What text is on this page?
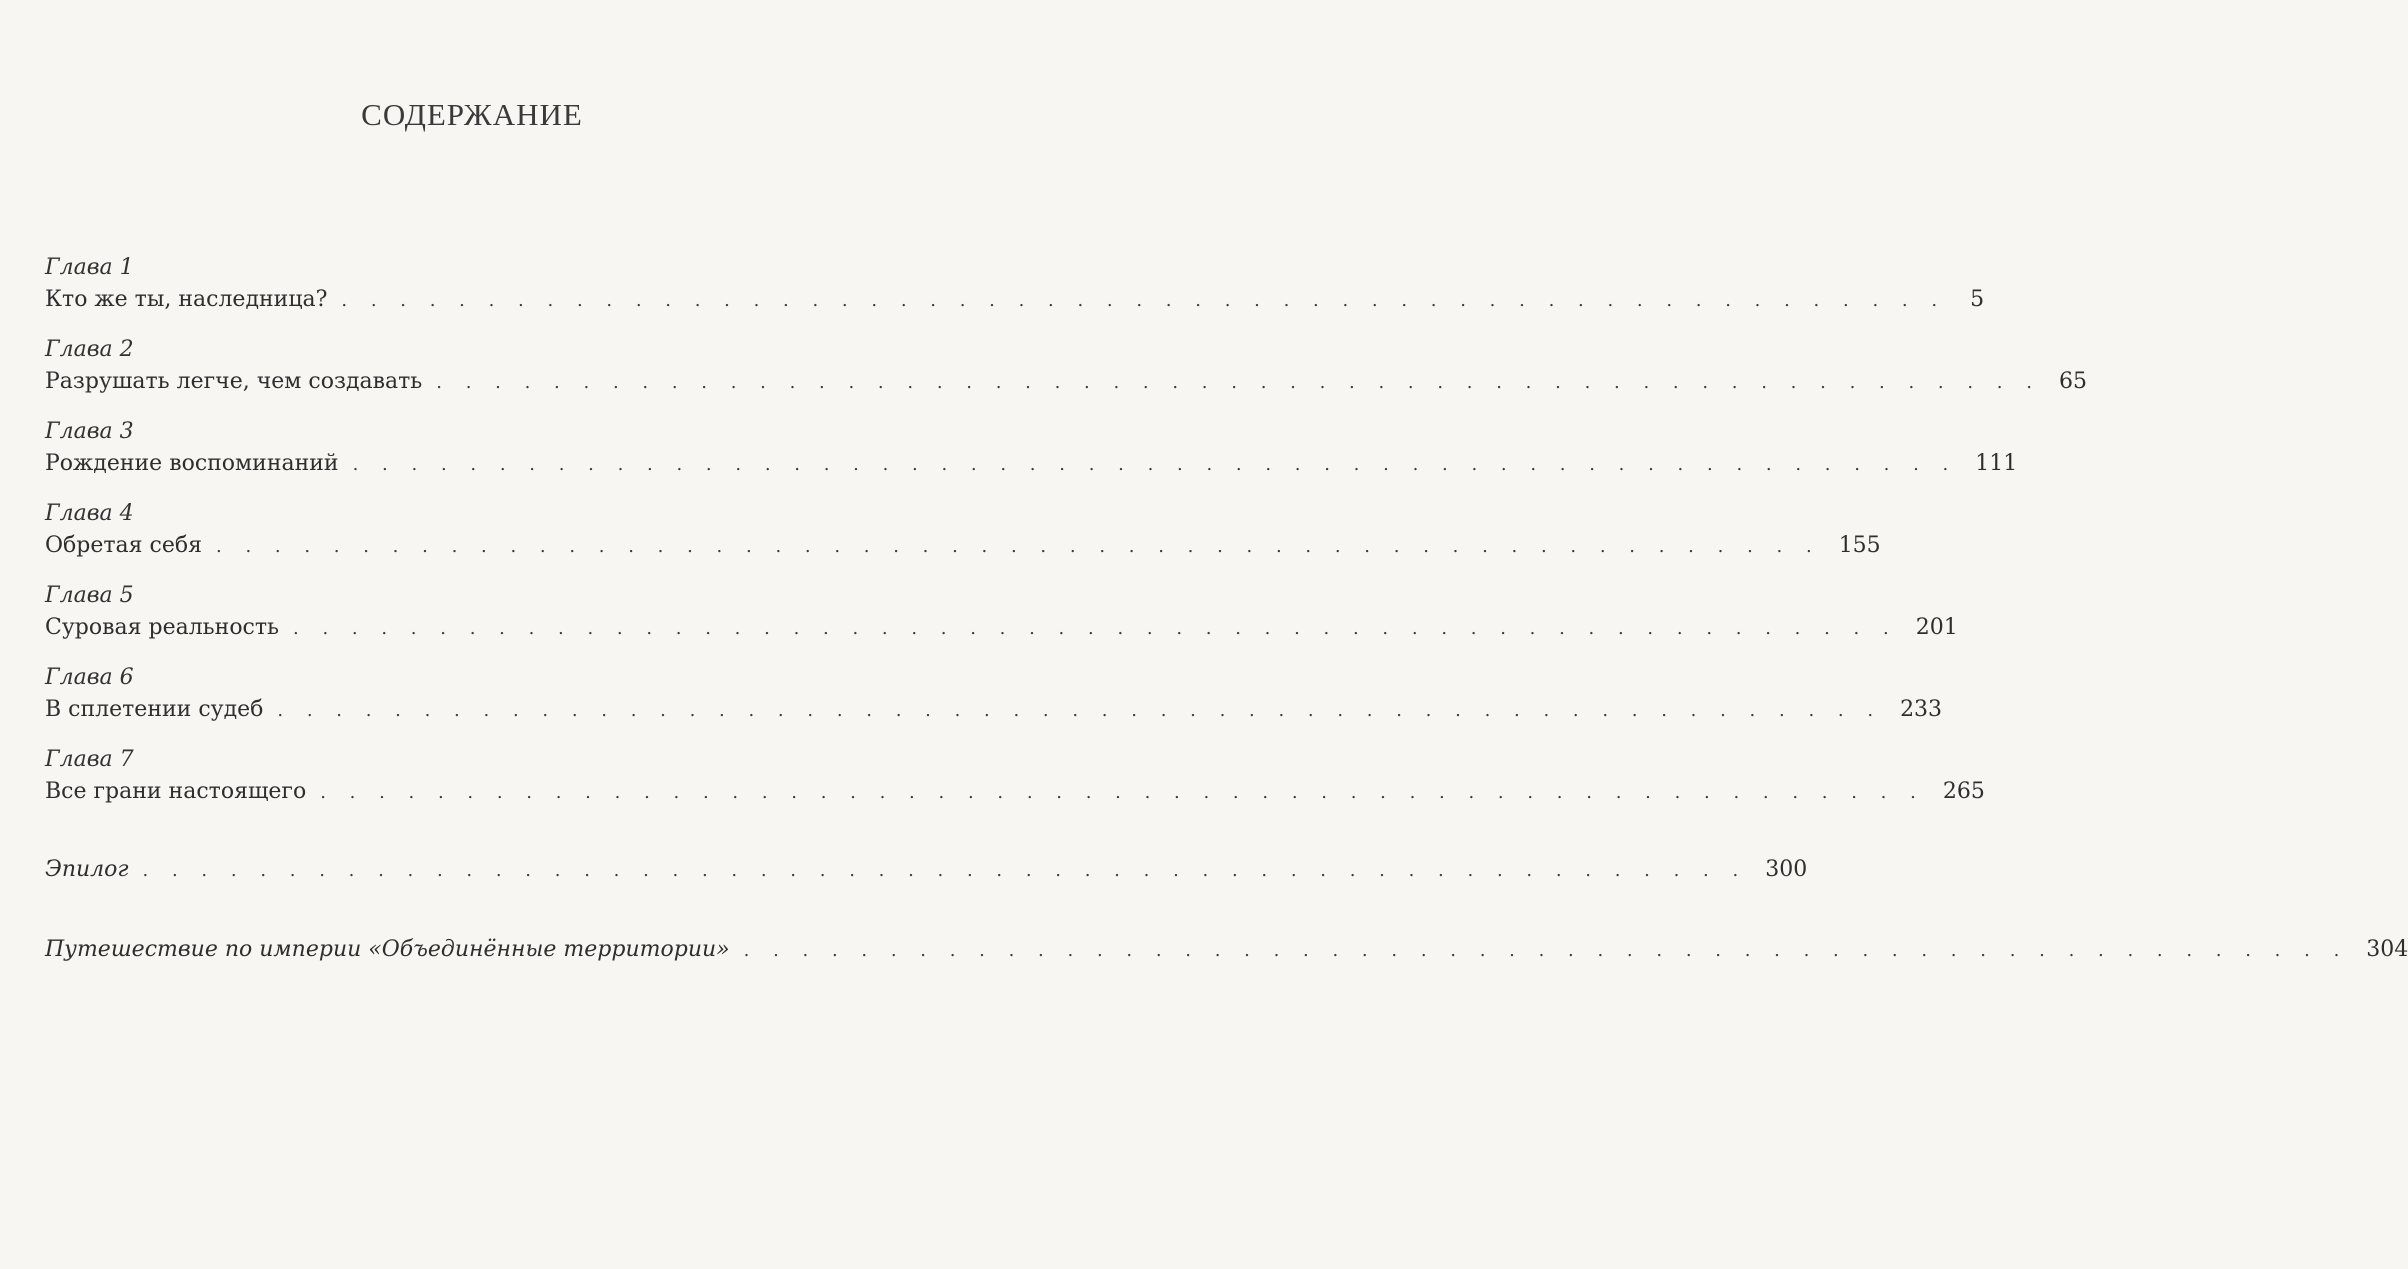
СОДЕРЖАНИЕ
Глава 1
Кто же ты, наследница? . . . . . . . . . . . . . . . . . . . . . . . . . . . . . . . . . . . . . . . . . . . . . . . . . . . . . . . 5
Глава 2
Разрушать легче, чем создавать . . . . . . . . . . . . . . . . . . . . . . . . . . . . . . . . . . . . . . . . . . . . . . . . . . . . . . . 65
Глава 3
Рождение воспоминаний . . . . . . . . . . . . . . . . . . . . . . . . . . . . . . . . . . . . . . . . . . . . . . . . . . . . . . . 111
Глава 4
Обретая себя . . . . . . . . . . . . . . . . . . . . . . . . . . . . . . . . . . . . . . . . . . . . . . . . . . . . . . . 155
Глава 5
Суровая реальность . . . . . . . . . . . . . . . . . . . . . . . . . . . . . . . . . . . . . . . . . . . . . . . . . . . . . . . 201
Глава 6
В сплетении судеб . . . . . . . . . . . . . . . . . . . . . . . . . . . . . . . . . . . . . . . . . . . . . . . . . . . . . . . 233
Глава 7
Все грани настоящего . . . . . . . . . . . . . . . . . . . . . . . . . . . . . . . . . . . . . . . . . . . . . . . . . . . . . . . 265
Эпилог . . . . . . . . . . . . . . . . . . . . . . . . . . . . . . . . . . . . . . . . . . . . . . . . . . . . . . . 300
Путешествие по империи «Объединённые территории» . . . . . . . . . . . . . . . . . . . . . . . . . . . . . . . . . . . . . . . . . . . . . . . . . . . . . . . 304
